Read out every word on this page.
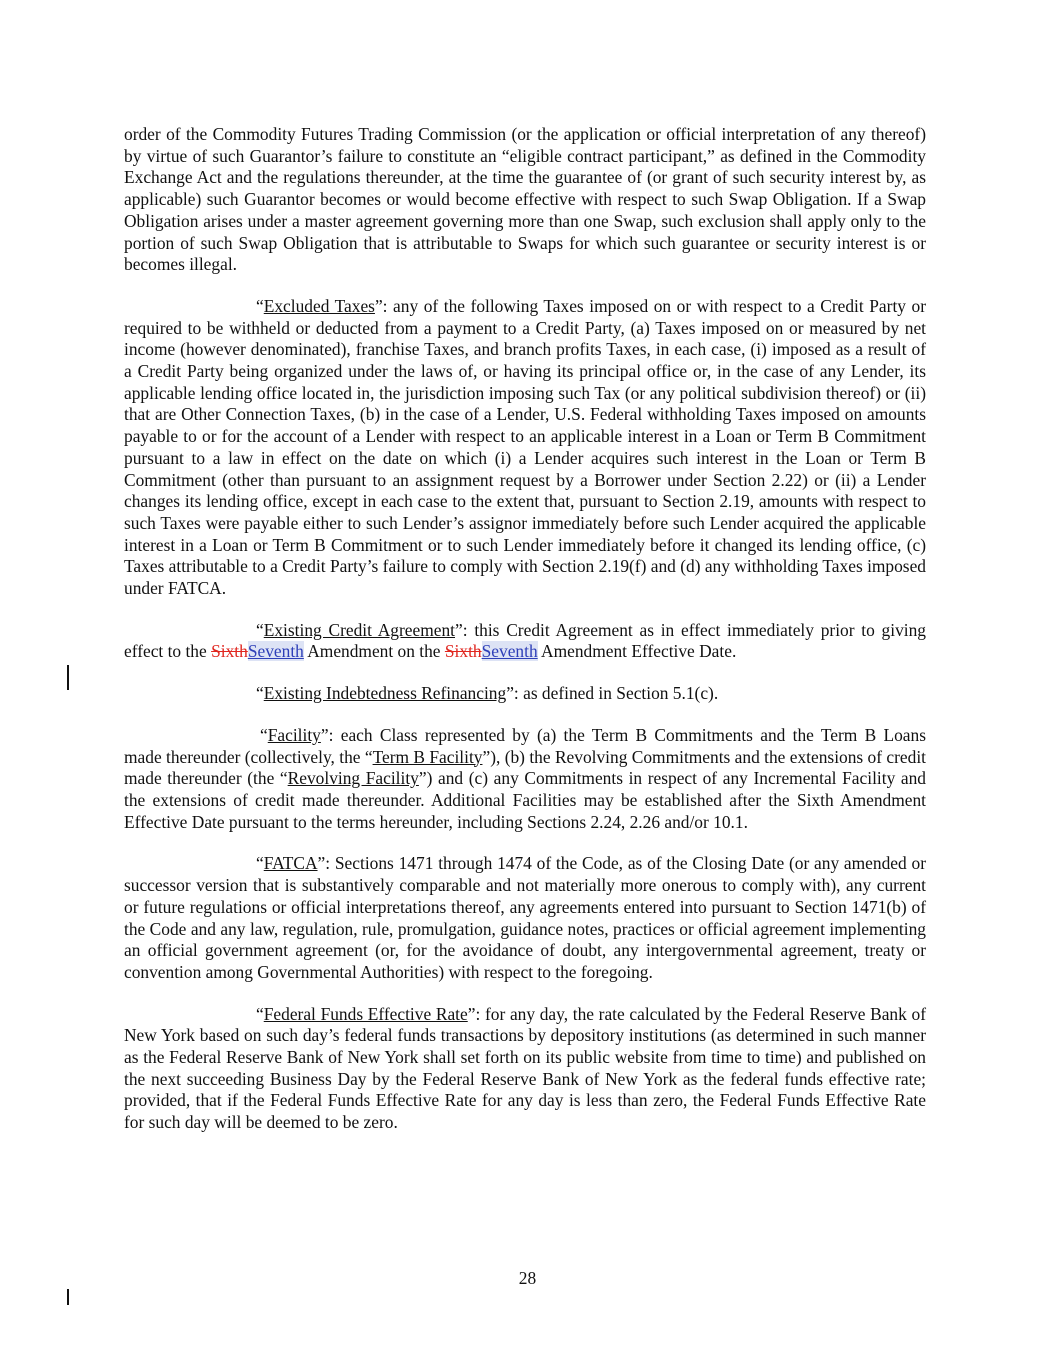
order of the Commodity Futures Trading Commission (or the application or official interpretation of any thereof) by virtue of such Guarantor’s failure to constitute an “eligible contract participant,” as defined in the Commodity Exchange Act and the regulations thereunder, at the time the guarantee of (or grant of such security interest by, as applicable) such Guarantor becomes or would become effective with respect to such Swap Obligation. If a Swap Obligation arises under a master agreement governing more than one Swap, such exclusion shall apply only to the portion of such Swap Obligation that is attributable to Swaps for which such guarantee or security interest is or becomes illegal.

“Excluded Taxes”: any of the following Taxes imposed on or with respect to a Credit Party or required to be withheld or deducted from a payment to a Credit Party, (a) Taxes imposed on or measured by net income (however denominated), franchise Taxes, and branch profits Taxes, in each case, (i) imposed as a result of a Credit Party being organized under the laws of, or having its principal office or, in the case of any Lender, its applicable lending office located in, the jurisdiction imposing such Tax (or any political subdivision thereof) or (ii) that are Other Connection Taxes, (b) in the case of a Lender, U.S. Federal withholding Taxes imposed on amounts payable to or for the account of a Lender with respect to an applicable interest in a Loan or Term B Commitment pursuant to a law in effect on the date on which (i) a Lender acquires such interest in the Loan or Term B Commitment (other than pursuant to an assignment request by a Borrower under Section 2.22) or (ii) a Lender changes its lending office, except in each case to the extent that, pursuant to Section 2.19, amounts with respect to such Taxes were payable either to such Lender’s assignor immediately before such Lender acquired the applicable interest in a Loan or Term B Commitment or to such Lender immediately before it changed its lending office, (c) Taxes attributable to a Credit Party’s failure to comply with Section 2.19(f) and (d) any withholding Taxes imposed under FATCA.

“Existing Credit Agreement”: this Credit Agreement as in effect immediately prior to giving effect to the SixthSeventh Amendment on the SixthSeventh Amendment Effective Date.

“Existing Indebtedness Refinancing”: as defined in Section 5.1(c).

“Facility”: each Class represented by (a) the Term B Commitments and the Term B Loans made thereunder (collectively, the “Term B Facility”), (b) the Revolving Commitments and the extensions of credit made thereunder (the “Revolving Facility”) and (c) any Commitments in respect of any Incremental Facility and the extensions of credit made thereunder. Additional Facilities may be established after the Sixth Amendment Effective Date pursuant to the terms hereunder, including Sections 2.24, 2.26 and/or 10.1.

“FATCA”: Sections 1471 through 1474 of the Code, as of the Closing Date (or any amended or successor version that is substantively comparable and not materially more onerous to comply with), any current or future regulations or official interpretations thereof, any agreements entered into pursuant to Section 1471(b) of the Code and any law, regulation, rule, promulgation, guidance notes, practices or official agreement implementing an official government agreement (or, for the avoidance of doubt, any intergovernmental agreement, treaty or convention among Governmental Authorities) with respect to the foregoing.

“Federal Funds Effective Rate”: for any day, the rate calculated by the Federal Reserve Bank of New York based on such day’s federal funds transactions by depository institutions (as determined in such manner as the Federal Reserve Bank of New York shall set forth on its public website from time to time) and published on the next succeeding Business Day by the Federal Reserve Bank of New York as the federal funds effective rate; provided, that if the Federal Funds Effective Rate for any day is less than zero, the Federal Funds Effective Rate for such day will be deemed to be zero.

28
